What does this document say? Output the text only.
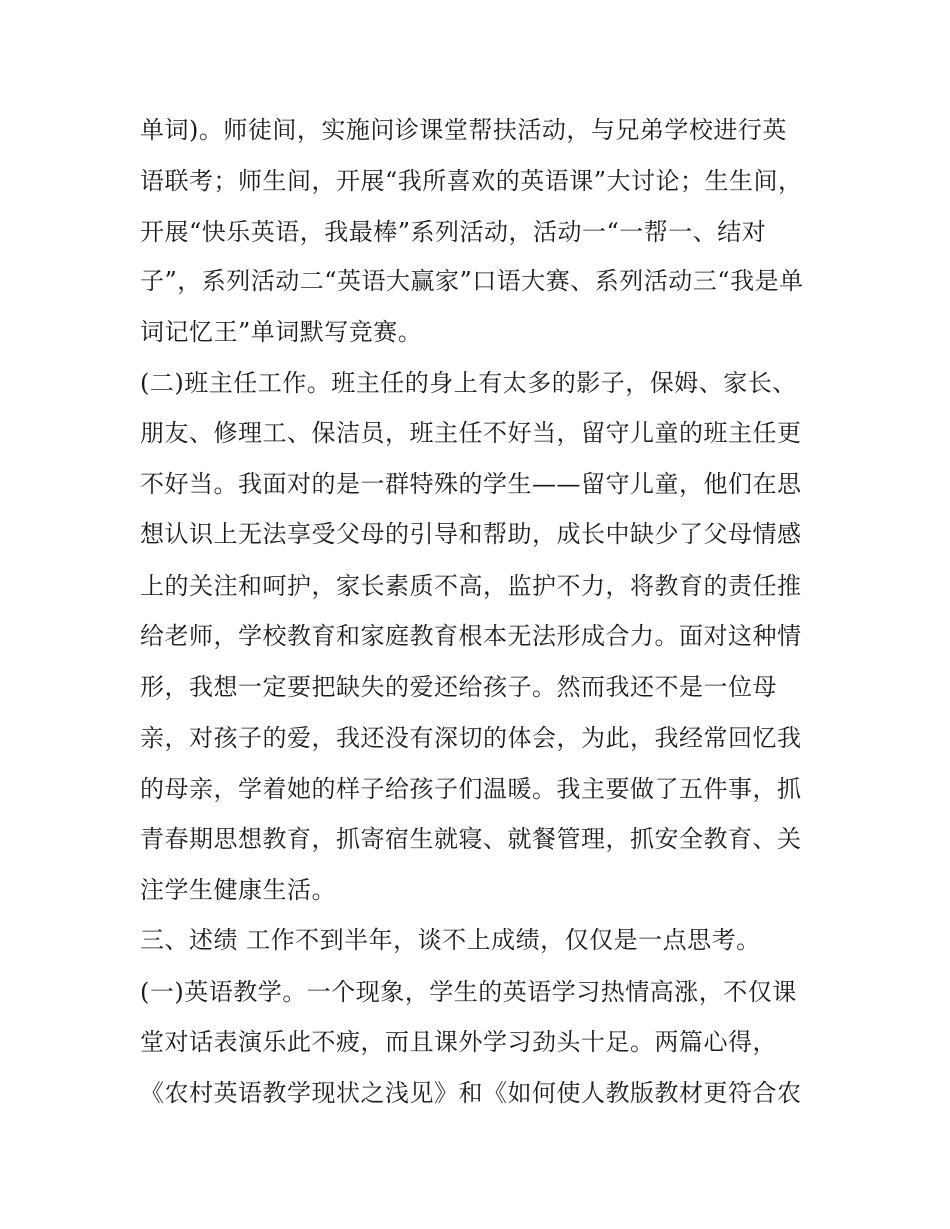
单词)。师徒间，实施问诊课堂帮扶活动，与兄弟学校进行英
语联考；师生间，开展“我所喜欢的英语课”大讨论；生生间，
开展“快乐英语，我最棒”系列活动，活动一“一帮一、结对
子”，系列活动二“英语大赢家”口语大赛、系列活动三“我是单
词记忆王”单词默写竞赛。
(二)班主任工作。班主任的身上有太多的影子，保姆、家长、
朋友、修理工、保洁员，班主任不好当，留守儿童的班主任更
不好当。我面对的是一群特殊的学生——留守儿童，他们在思
想认识上无法享受父母的引导和帮助，成长中缺少了父母情感
上的关注和呵护，家长素质不高，监护不力，将教育的责任推
给老师，学校教育和家庭教育根本无法形成合力。面对这种情
形，我想一定要把缺失的爱还给孩子。然而我还不是一位母
亲，对孩子的爱，我还没有深切的体会，为此，我经常回忆我
的母亲，学着她的样子给孩子们温暖。我主要做了五件事，抓
青春期思想教育，抓寄宿生就寝、就餐管理，抓安全教育、关
注学生健康生活。
三、述绩 工作不到半年，谈不上成绩，仅仅是一点思考。
(一)英语教学。一个现象，学生的英语学习热情高涨，不仅课
堂对话表演乐此不疲，而且课外学习劲头十足。两篇心得，
《农村英语教学现状之浅见》和《如何使人教版教材更符合农
